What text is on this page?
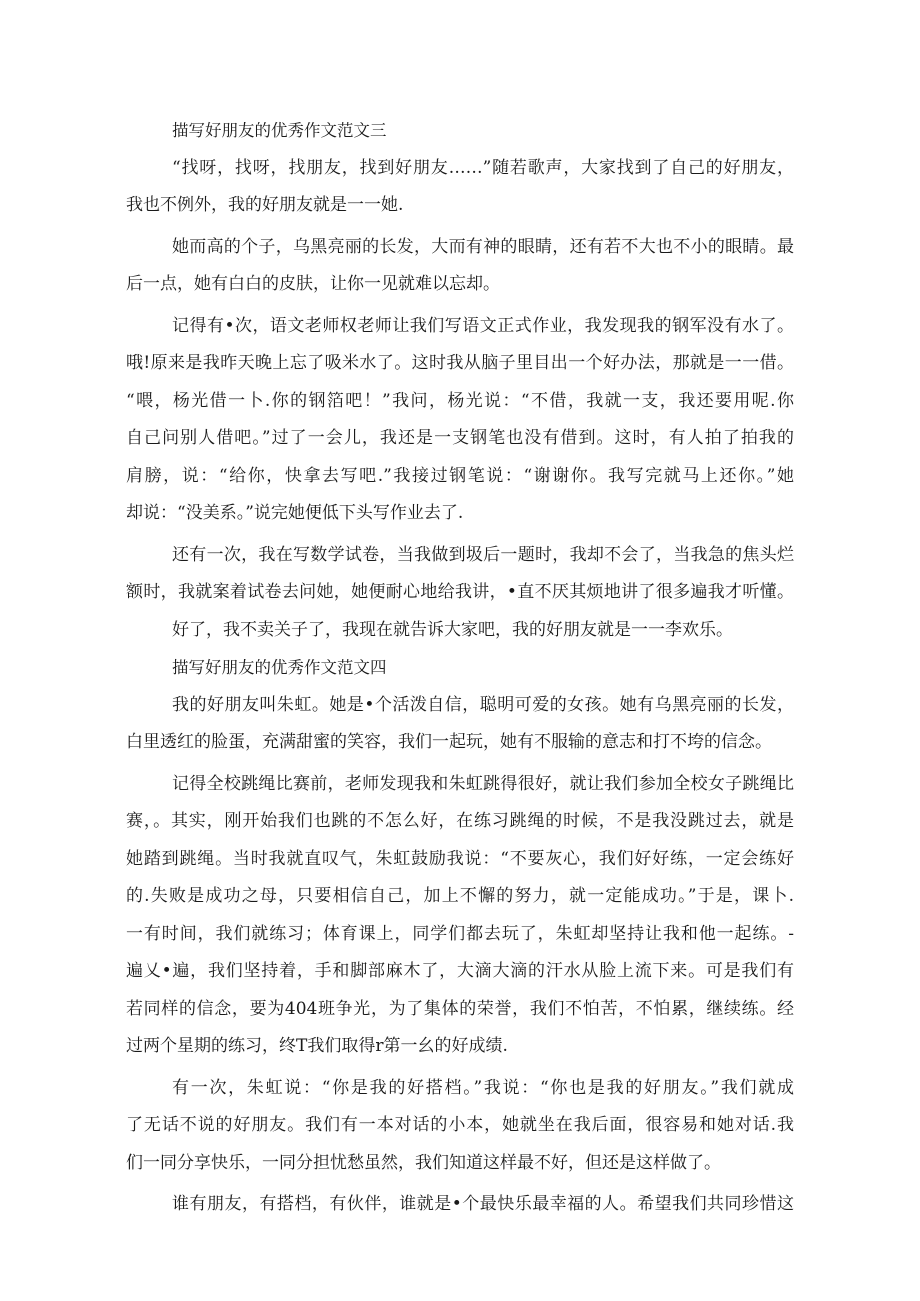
描写好朋友的优秀作文范文三
“找呀，找呀，找朋友，找到好朋友……”随若歌声，大家找到了自己的好朋友，
我也不例外，我的好朋友就是一一她.
她而高的个子，乌黑亮丽的长发，大而有神的眼睛，还有若不大也不小的眼睛。最
后一点，她有白白的皮肤，让你一见就难以忘却。
记得有•次，语文老师权老师让我们写语文正式作业，我发现我的钢军没有水了。
哦!原来是我昨天晚上忘了吸米水了。这时我从脑子里目出一个好办法，那就是一一借。
“喂，杨光借一卜.你的钢箔吧！”我问，杨光说：“不借，我就一支，我还要用呢.你
自己问别人借吧。”过了一会儿，我还是一支钢笔也没有借到。这时，有人拍了拍我的
肩膀，说：“给你，快拿去写吧.”我接过钢笔说：“谢谢你。我写完就马上还你。”她
却说：“没美系。”说完她便低下头写作业去了.
还有一次，我在写数学试卷，当我做到圾后一题时，我却不会了，当我急的焦头烂
额时，我就案着试卷去问她，她便耐心地给我讲，•直不厌其烦地讲了很多遍我才听懂。
好了，我不卖关子了，我现在就告诉大家吧，我的好朋友就是一一李欢乐。
描写好朋友的优秀作文范文四
我的好朋友叫朱虹。她是•个活泼自信，聪明可爱的女孩。她有乌黑亮丽的长发，
白里透红的脸蛋，充满甜蜜的笑容，我们一起玩，她有不服输的意志和打不垮的信念。
记得全校跳绳比赛前，老师发现我和朱虹跳得很好，就让我们参加全校女子跳绳比
赛，。其实，刚开始我们也跳的不怎么好，在练习跳绳的时候，不是我没跳过去，就是
她踏到跳绳。当时我就直叹气，朱虹鼓励我说：“不要灰心，我们好好练，一定会练好
的.失败是成功之母，只要相信自己，加上不懈的努力，就一定能成功。”于是，课卜.
一有时间，我们就练习；体育课上，同学们都去玩了，朱虹却坚持让我和他一起练。-
遍乂•遍，我们坚持着，手和脚部麻木了，大滴大滴的汗水从脸上流下来。可是我们有
若同样的信念，要为404班争光，为了集体的荣誉，我们不怕苦，不怕累，继续练。经
过两个星期的练习，终T我们取得r第一幺的好成绩.
有一次，朱虹说：“你是我的好搭档。”我说：“你也是我的好朋友。”我们就成
了无话不说的好朋友。我们有一本对话的小本，她就坐在我后面，很容易和她对话.我
们一同分享快乐，一同分担忧愁虽然，我们知道这样最不好，但还是这样做了。
谁有朋友，有搭档，有伙伴，谁就是•个最快乐最幸福的人。希望我们共同珍惜这
